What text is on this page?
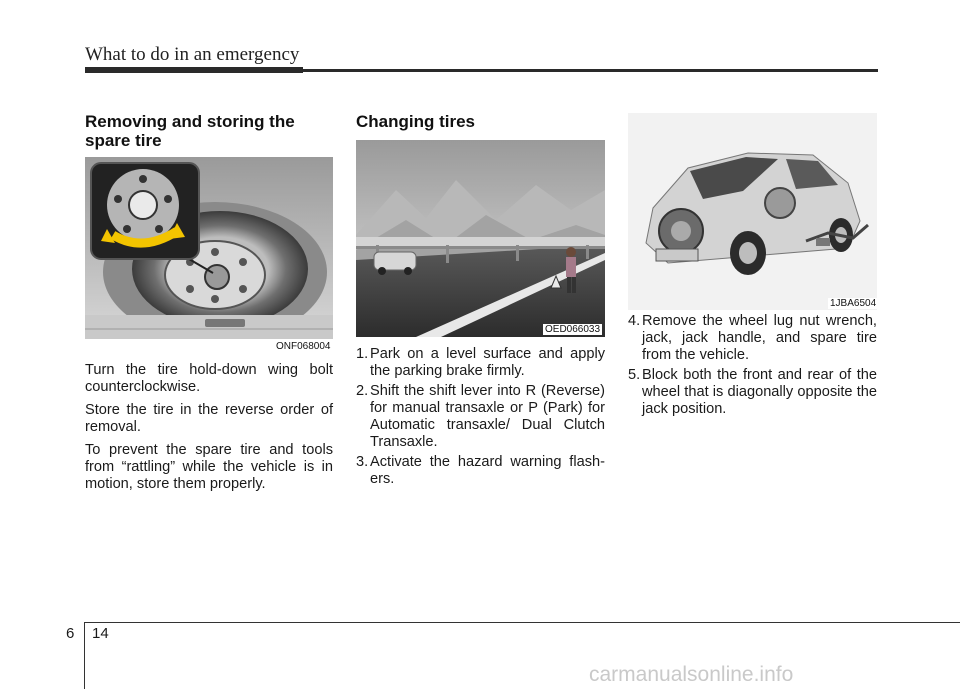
What to do in an emergency
Removing and storing the
spare tire
ONF068004

Turn the tire hold-down wing bolt counterclockwise.

Store the tire in the reverse order of removal.

To prevent the spare tire and tools from “rattling” while the vehicle is in motion, store them properly.

Changing tires
OED066033
1. Park on a level surface and apply the parking brake firmly.
2. Shift the shift lever into R (Reverse) for manual transaxle or P (Park) for Automatic transaxle/ Dual Clutch Transaxle.
3. Activate the hazard warning flash-ers.
1JBA6504
4. Remove the wheel lug nut wrench, jack, jack handle, and spare tire from the vehicle.
5. Block both the front and rear of the wheel that is diagonally opposite the jack position.
6 14
carmanualsonline.info
